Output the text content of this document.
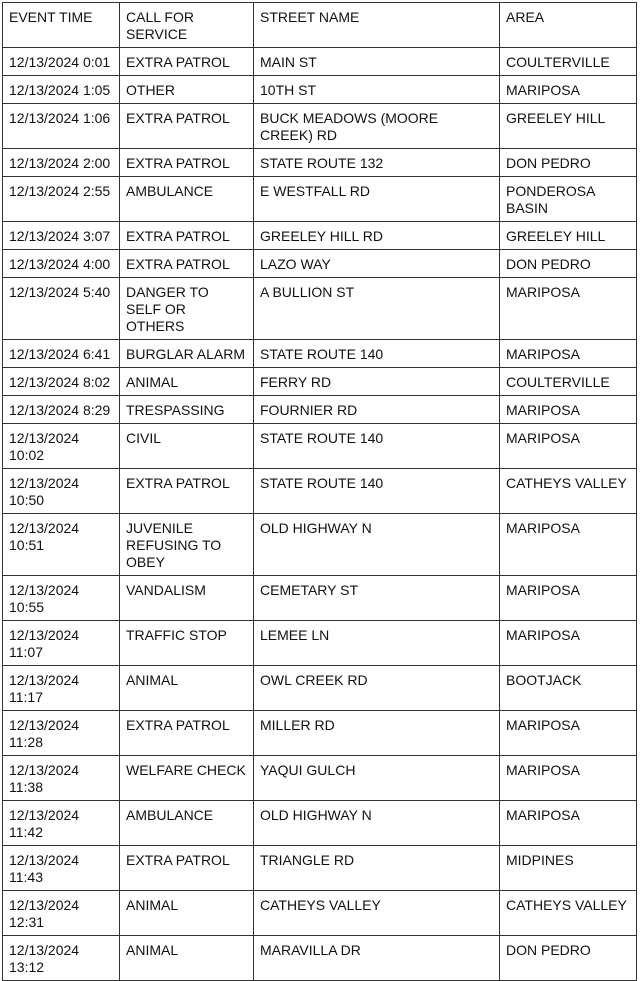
EVENT TIME	CALL FOR SERVICE	STREET NAME	AREA
12/13/2024 0:01	EXTRA PATROL	MAIN ST	COULTERVILLE
12/13/2024 1:05	OTHER	10TH ST	MARIPOSA
12/13/2024 1:06	EXTRA PATROL	BUCK MEADOWS (MOORE CREEK) RD	GREELEY HILL
12/13/2024 2:00	EXTRA PATROL	STATE ROUTE 132	DON PEDRO
12/13/2024 2:55	AMBULANCE	E WESTFALL RD	PONDEROSA BASIN
12/13/2024 3:07	EXTRA PATROL	GREELEY HILL RD	GREELEY HILL
12/13/2024 4:00	EXTRA PATROL	LAZO WAY	DON PEDRO
12/13/2024 5:40	DANGER TO SELF OR OTHERS	A BULLION ST	MARIPOSA
12/13/2024 6:41	BURGLAR ALARM	STATE ROUTE 140	MARIPOSA
12/13/2024 8:02	ANIMAL	FERRY RD	COULTERVILLE
12/13/2024 8:29	TRESPASSING	FOURNIER RD	MARIPOSA
12/13/2024 10:02	CIVIL	STATE ROUTE 140	MARIPOSA
12/13/2024 10:50	EXTRA PATROL	STATE ROUTE 140	CATHEYS VALLEY
12/13/2024 10:51	JUVENILE REFUSING TO OBEY	OLD HIGHWAY N	MARIPOSA
12/13/2024 10:55	VANDALISM	CEMETARY ST	MARIPOSA
12/13/2024 11:07	TRAFFIC STOP	LEMEE LN	MARIPOSA
12/13/2024 11:17	ANIMAL	OWL CREEK RD	BOOTJACK
12/13/2024 11:28	EXTRA PATROL	MILLER RD	MARIPOSA
12/13/2024 11:38	WELFARE CHECK	YAQUI GULCH	MARIPOSA
12/13/2024 11:42	AMBULANCE	OLD HIGHWAY N	MARIPOSA
12/13/2024 11:43	EXTRA PATROL	TRIANGLE RD	MIDPINES
12/13/2024 12:31	ANIMAL	CATHEYS VALLEY	CATHEYS VALLEY
12/13/2024 13:12	ANIMAL	MARAVILLA DR	DON PEDRO
